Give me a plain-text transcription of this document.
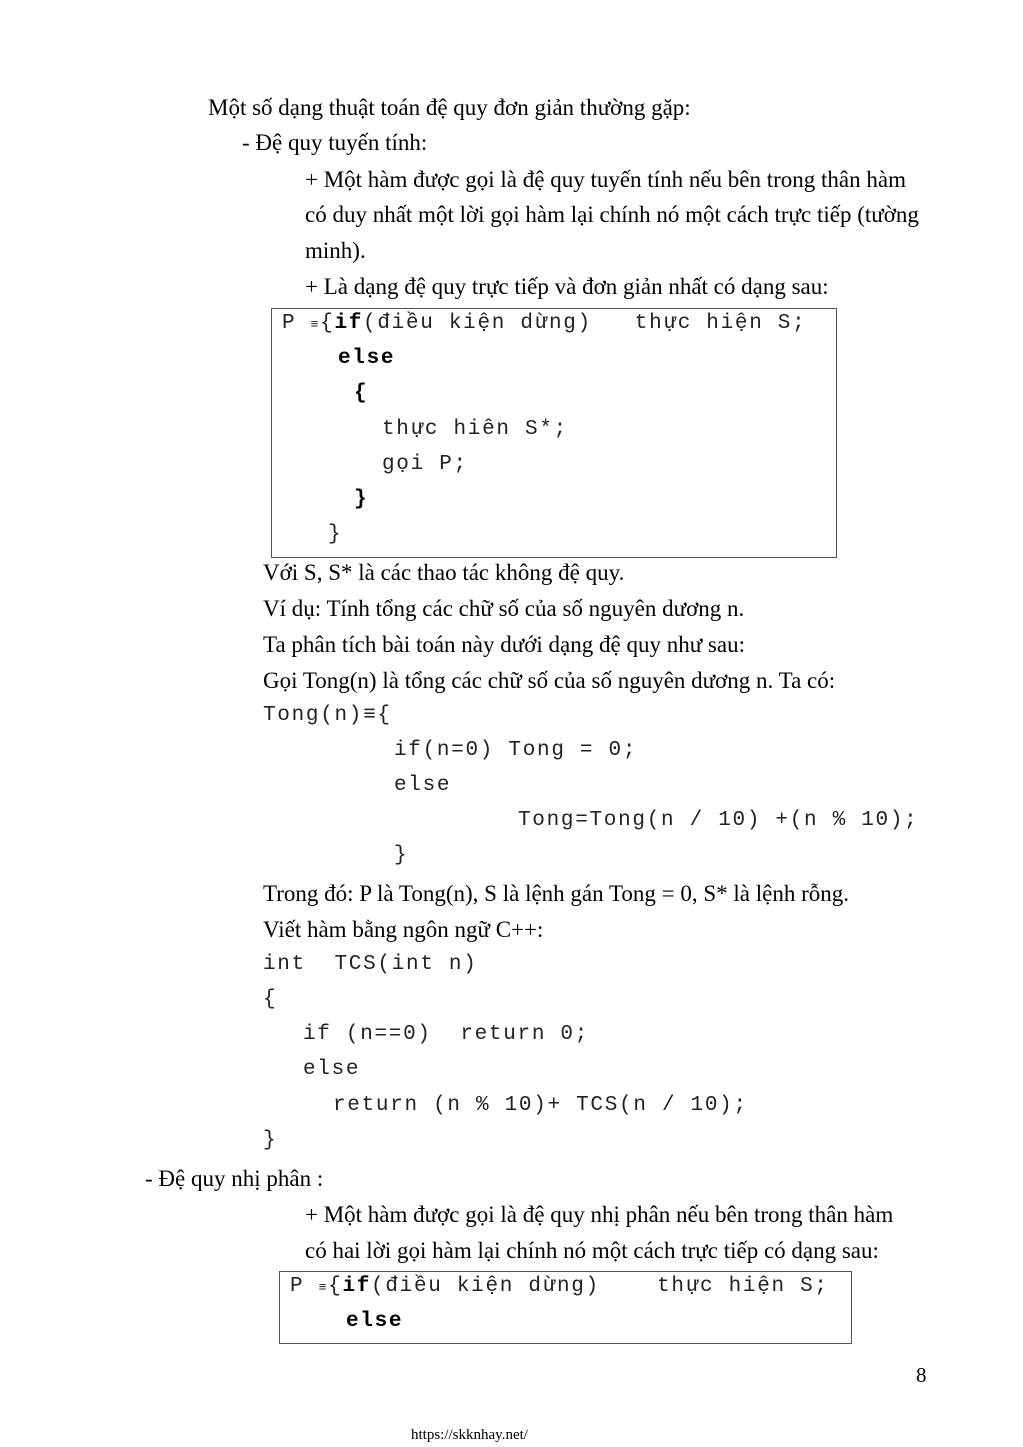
Một số dạng thuật toán đệ quy đơn giản thường gặp:

- Đệ quy tuyến tính:

+ Một hàm được gọi là đệ quy tuyến tính nếu bên trong thân hàm

có duy nhất một lời gọi hàm lại chính nó một cách trực tiếp (tường

minh).

+ Là dạng đệ quy trực tiếp và đơn giản nhất có dạng sau:

P ≡{if(điều kiện dừng)   thực hiện S;

else

{

thực hiên S*;

gọi P;

}

}

Với S, S* là các thao tác không đệ quy.

Ví dụ: Tính tổng các chữ số của số nguyên dương n.

Ta phân tích bài toán này dưới dạng đệ quy như sau:

Gọi Tong(n) là tổng các chữ số của số nguyên dương n. Ta có:

Tong(n)≡{

if(n=0) Tong = 0;

else

Tong=Tong(n / 10) +(n % 10);

}

Trong đó: P là Tong(n), S là lệnh gán Tong = 0, S* là lệnh rỗng.

Viết hàm bằng ngôn ngữ C++:

int  TCS(int n)

{

if (n==0)  return 0;

else

return (n % 10)+ TCS(n / 10);

}

- Đệ quy nhị phân :

+ Một hàm được gọi là đệ quy nhị phân nếu bên trong thân hàm

có hai lời gọi hàm lại chính nó một cách trực tiếp có dạng sau:

P ≡{if(điều kiện dừng)    thực hiện S;

else

8

https://skknhay.net/
